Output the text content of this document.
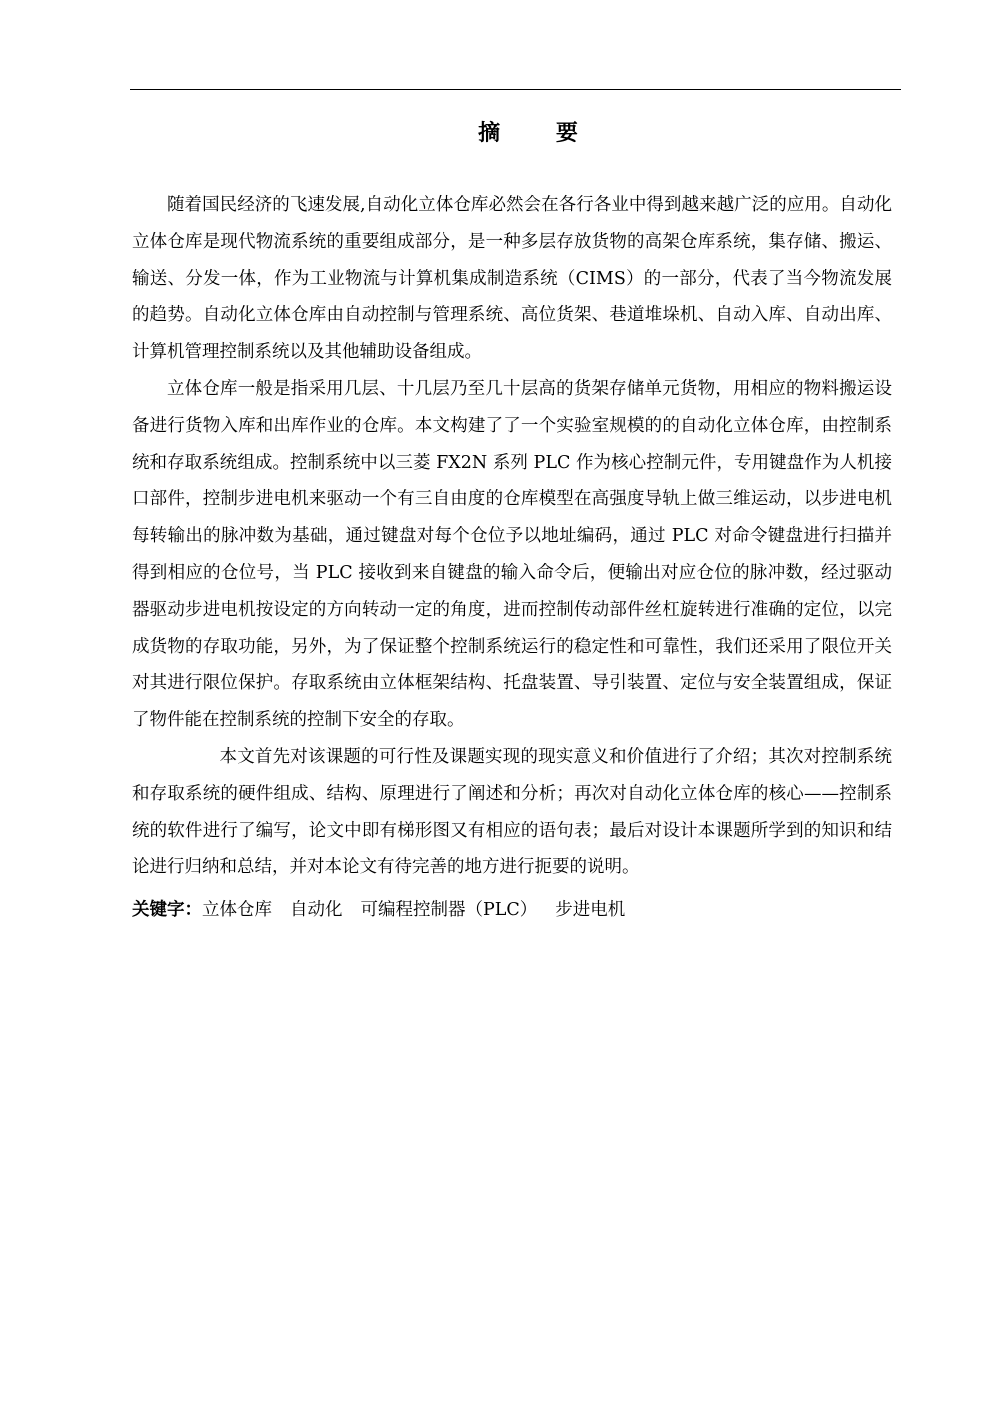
摘 要

随着国民经济的飞速发展,自动化立体仓库必然会在各行各业中得到越来越广泛的应用。自动化立体仓库是现代物流系统的重要组成部分，是一种多层存放货物的高架仓库系统，集存储、搬运、输送、分发一体，作为工业物流与计算机集成制造系统（CIMS）的一部分，代表了当今物流发展的趋势。自动化立体仓库由自动控制与管理系统、高位货架、巷道堆垛机、自动入库、自动出库、计算机管理控制系统以及其他辅助设备组成。

立体仓库一般是指采用几层、十几层乃至几十层高的货架存储单元货物，用相应的物料搬运设备进行货物入库和出库作业的仓库。本文构建了了一个实验室规模的的自动化立体仓库，由控制系统和存取系统组成。控制系统中以三菱 FX2N 系列 PLC 作为核心控制元件，专用键盘作为人机接口部件，控制步进电机来驱动一个有三自由度的仓库模型在高强度导轨上做三维运动，以步进电机每转输出的脉冲数为基础，通过键盘对每个仓位予以地址编码，通过 PLC 对命令键盘进行扫描并得到相应的仓位号，当 PLC 接收到来自键盘的输入命令后，便输出对应仓位的脉冲数，经过驱动器驱动步进电机按设定的方向转动一定的角度，进而控制传动部件丝杠旋转进行准确的定位，以完成货物的存取功能，另外，为了保证整个控制系统运行的稳定性和可靠性，我们还采用了限位开关对其进行限位保护。存取系统由立体框架结构、托盘装置、导引装置、定位与安全装置组成，保证了物件能在控制系统的控制下安全的存取。

本文首先对该课题的可行性及课题实现的现实意义和价值进行了介绍；其次对控制系统和存取系统的硬件组成、结构、原理进行了阐述和分析；再次对自动化立体仓库的核心——控制系统的软件进行了编写，论文中即有梯形图又有相应的语句表；最后对设计本课题所学到的知识和结论进行归纳和总结，并对本论文有待完善的地方进行扼要的说明。

关键字：立体仓库 自动化 可编程控制器（PLC） 步进电机
